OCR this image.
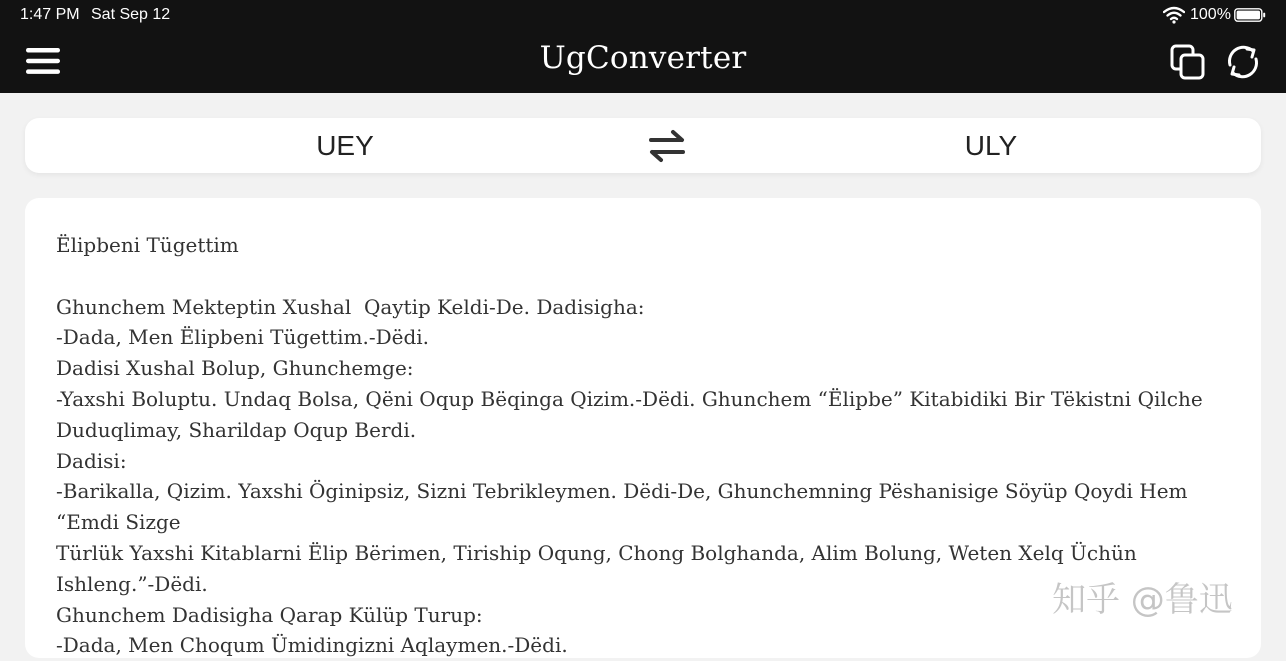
1:47 PM Sat Sep 12	100%
UgConverter
UEY	ULY
Ëlipbeni Tügettim

Ghunchem Mekteptin Xushal  Qaytip Keldi-De. Dadisigha:
-Dada, Men Ëlipbeni Tügettim.-Dëdi.
Dadisi Xushal Bolup, Ghunchemge:
-Yaxshi Boluptu. Undaq Bolsa, Qëni Oqup Bëqinga Qizim.-Dëdi. Ghunchem “Ëlipbe” Kitabidiki Bir Tëkistni Qilche
Duduqlimay, Sharildap Oqup Berdi.
Dadisi:
-Barikalla, Qizim. Yaxshi Öginipsiz, Sizni Tebrikleymen. Dëdi-De, Ghunchemning Pëshanisige Söyüp Qoydi Hem “Emdi Sizge
Türlük Yaxshi Kitablarni Ëlip Bërimen, Tiriship Oqung, Chong Bolghanda, Alim Bolung, Weten Xelq Üchün Ishleng.”-Dëdi.
Ghunchem Dadisigha Qarap Külüp Turup:
-Dada, Men Choqum Ümidingizni Aqlaymen.-Dëdi.
知乎 @鲁迅
